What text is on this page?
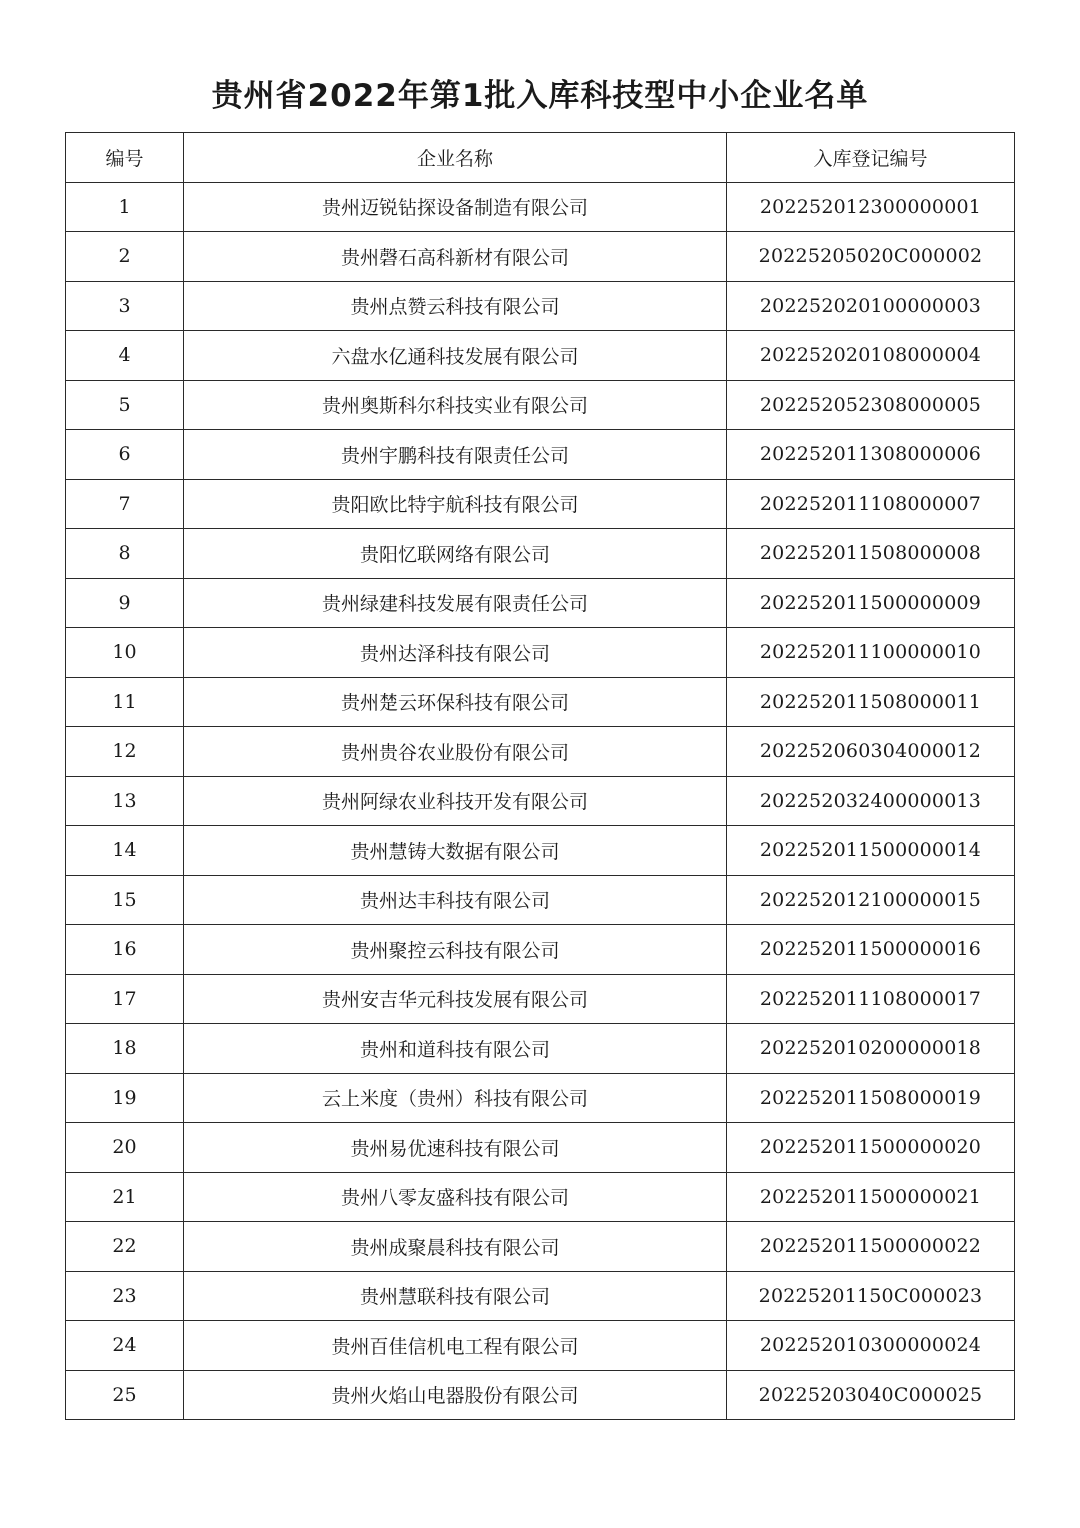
贵州省2022年第1批入库科技型中小企业名单
编号	企业名称	入库登记编号
1	贵州迈锐钻探设备制造有限公司	202252012300000001
2	贵州磬石高科新材有限公司	20225205020C000002
3	贵州点赞云科技有限公司	202252020100000003
4	六盘水亿通科技发展有限公司	202252020108000004
5	贵州奥斯科尔科技实业有限公司	202252052308000005
6	贵州宇鹏科技有限责任公司	202252011308000006
7	贵阳欧比特宇航科技有限公司	202252011108000007
8	贵阳忆联网络有限公司	202252011508000008
9	贵州绿建科技发展有限责任公司	202252011500000009
10	贵州达泽科技有限公司	202252011100000010
11	贵州楚云环保科技有限公司	202252011508000011
12	贵州贵谷农业股份有限公司	202252060304000012
13	贵州阿绿农业科技开发有限公司	202252032400000013
14	贵州慧铸大数据有限公司	202252011500000014
15	贵州达丰科技有限公司	202252012100000015
16	贵州聚控云科技有限公司	202252011500000016
17	贵州安吉华元科技发展有限公司	202252011108000017
18	贵州和道科技有限公司	202252010200000018
19	云上米度（贵州）科技有限公司	202252011508000019
20	贵州易优速科技有限公司	202252011500000020
21	贵州八零友盛科技有限公司	202252011500000021
22	贵州成聚晨科技有限公司	202252011500000022
23	贵州慧联科技有限公司	20225201150C000023
24	贵州百佳信机电工程有限公司	202252010300000024
25	贵州火焰山电器股份有限公司	20225203040C000025
